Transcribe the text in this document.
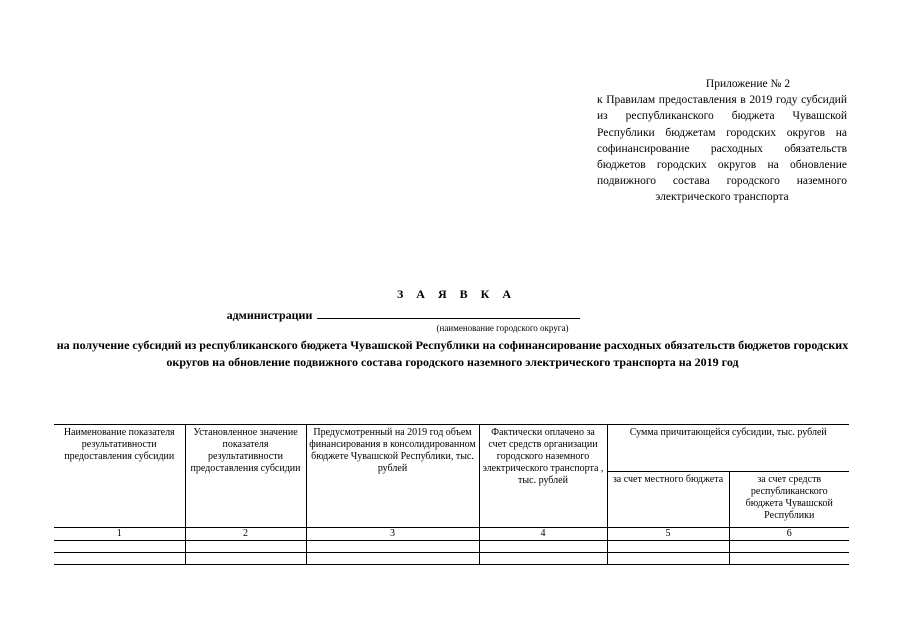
Приложение № 2
к Правилам предоставления в 2019 году субсидий из республиканского бюджета Чувашской Республики бюджетам городских округов на софинансирование расходных обязательств бюджетов городских округов на обновление подвижного состава городского наземного электрического транспорта
З А Я В К А
администрации
(наименование городского округа)
на получение субсидий из республиканского бюджета Чувашской Республики на софинансирование расходных обязательств бюджетов городских округов на обновление подвижного состава городского наземного электрического транспорта на 2019 год
Наименование показателя результативности предоставления субсидии	Установленное значение показателя результативности предоставления субсидии	Предусмотренный на 2019 год объем финансирования в консолидированном бюджете Чувашской Республики, тыс. рублей	Фактически оплачено за счет средств организации городского наземного электрического транспорта , тыс. рублей	Сумма причитающейся субсидии, тыс. рублей	
				за счет местного бюджета	за счет средств республиканского бюджета Чувашской Республики
1	2	3	4	5	6
